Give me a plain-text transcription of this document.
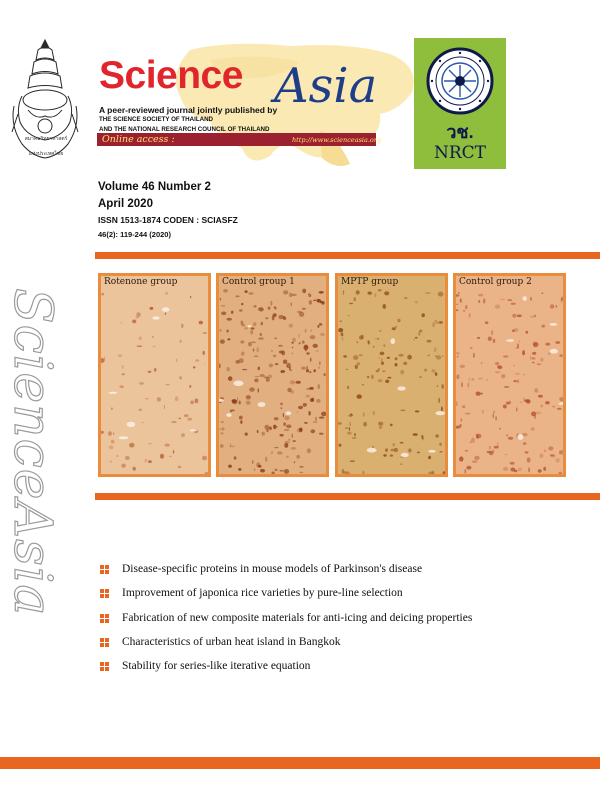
สมาคมวิทยาศาสตร์
แห่งประเทศไทย
Science Asia
A peer-reviewed journal jointly published by
THE SCIENCE SOCIETY OF THAILAND
AND THE NATIONAL RESEARCH COUNCIL OF THAILAND
Online access :	http://www.scienceasia.org	วช.
NRCT
Volume 46 Number 2
April 2020
ISSN 1513-1874 CODEN : SCIASFZ
46(2): 119-244 (2020)
ScienceAsia
Rotenone group	Control group 1	MPTP group	Control group 2
Disease-specific proteins in mouse models of Parkinson's disease
Improvement of japonica rice varieties by pure-line selection
Fabrication of new composite materials for anti-icing and deicing properties
Characteristics of urban heat island in Bangkok
Stability for series-like iterative equation
